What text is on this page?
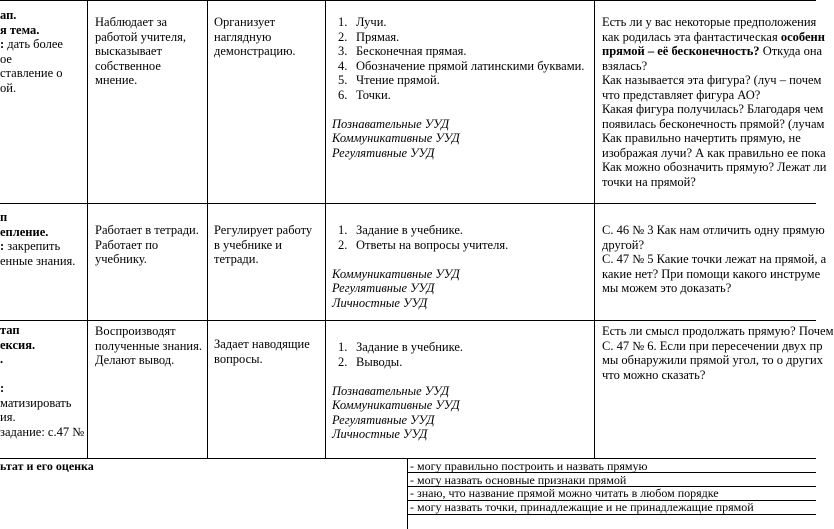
ап.

я тема.

: дать более

ое

ставление о

ой.

Наблюдает за

работой учителя,

высказывает

собственное

мнение.

Организует

наглядную

демонстрацию.

1. Лучи.
2. Прямая.
3. Бесконечная прямая.
4. Обозначение прямой латинскими буквами.
5. Чтение прямой.
6. Точки.

Познавательные УУД

Коммуникативные УУД

Регулятивные УУД

Есть ли у вас некоторые предположения

как родилась эта фантастическая особенн

прямой – её бесконечность? Откуда она

взялась?

Как называется эта фигура? (луч – почем

что представляет фигура АО?

Какая фигура получилась? Благодаря чем

появилась бесконечность прямой? (лучам

Как правильно начертить прямую, не

изображая лучи? А как правильно ее пока

Как можно обозначить прямую? Лежат ли

точки на прямой?

п

епление.

: закрепить

енные знания.

Работает в тетради.

Работает по

учебнику.

Регулирует работу

в учебнике и

тетради.

1. Задание в учебнике.
2. Ответы на вопросы учителя.

Коммуникативные УУД

Регулятивные УУД

Личностные УУД

С. 46 № 3 Как нам отличить одну прямую

другой?

С. 47 № 5 Какие точки лежат на прямой, а

какие нет? При помощи какого инструме

мы можем это доказать?

тап

ексия.

.

:

матизировать

ия.

задание: с.47 №

Воспроизводят

полученные знания.

Делают вывод.

Задает наводящие

вопросы.

1. Задание в учебнике.
2. Выводы.

Познавательные УУД

Коммуникативные УУД

Регулятивные УУД

Личностные УУД

Есть ли смысл продолжать прямую? Почем

С. 47 № 6. Если при пересечении двух пр

мы обнаружили прямой угол, то о других

что можно сказать?

ьтат и его оценка	- могу правильно построить и назвать прямую

- могу назвать основные признаки прямой

- знаю, что название прямой можно читать в любом порядке

- могу назвать точки, принадлежащие и не принадлежащие прямой
